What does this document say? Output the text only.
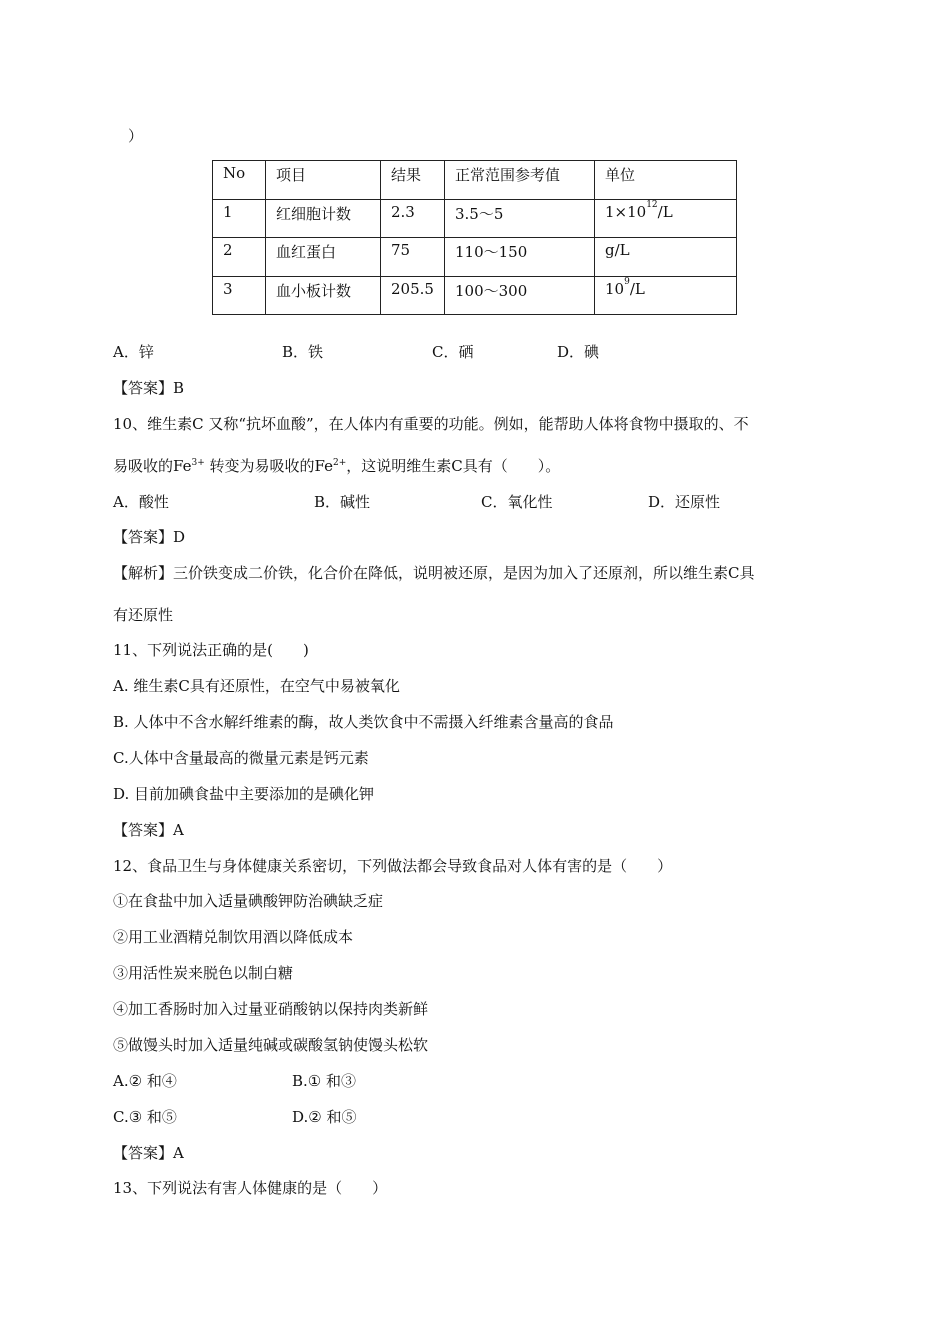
）
No	项目	结果	正常范围参考值	单位
1	红细胞计数	2.3	3.5～5	$1\times 10^{12}/L$
2	血红蛋白	75	110～150	g/L
3	血小板计数	205.5	100～300	$10^9/L$
A．锌	B．铁	C．硒	D．碘
【答案】B
10、维生素C 又称“抗坏血酸”，在人体内有重要的功能。例如，能帮助人体将食物中摄取的、不
易吸收的$Fe^{3+}$ 转变为易吸收的$Fe^{2+}$，这说明维生素C具有（　　）。
A．酸性	B．碱性	C．氧化性	D．还原性
【答案】D
【解析】三价铁变成二价铁，化合价在降低，说明被还原，是因为加入了还原剂，所以维生素C具
有还原性
11、下列说法正确的是(　　)
A. 维生素C具有还原性，在空气中易被氧化
B. 人体中不含水解纤维素的酶，故人类饮食中不需摄入纤维素含量高的食品
C.人体中含量最高的微量元素是钙元素
D. 目前加碘食盐中主要添加的是碘化钾
【答案】A
12、食品卫生与身体健康关系密切，下列做法都会导致食品对人体有害的是（　　）
①在食盐中加入适量碘酸钾防治碘缺乏症
②用工业酒精兑制饮用酒以降低成本
③用活性炭来脱色以制白糖
④加工香肠时加入过量亚硝酸钠以保持肉类新鲜
⑤做馒头时加入适量纯碱或碳酸氢钠使馒头松软
A.② 和④	B.① 和③
C.③ 和⑤	D.② 和⑤
【答案】A
13、下列说法有害人体健康的是（　　）
